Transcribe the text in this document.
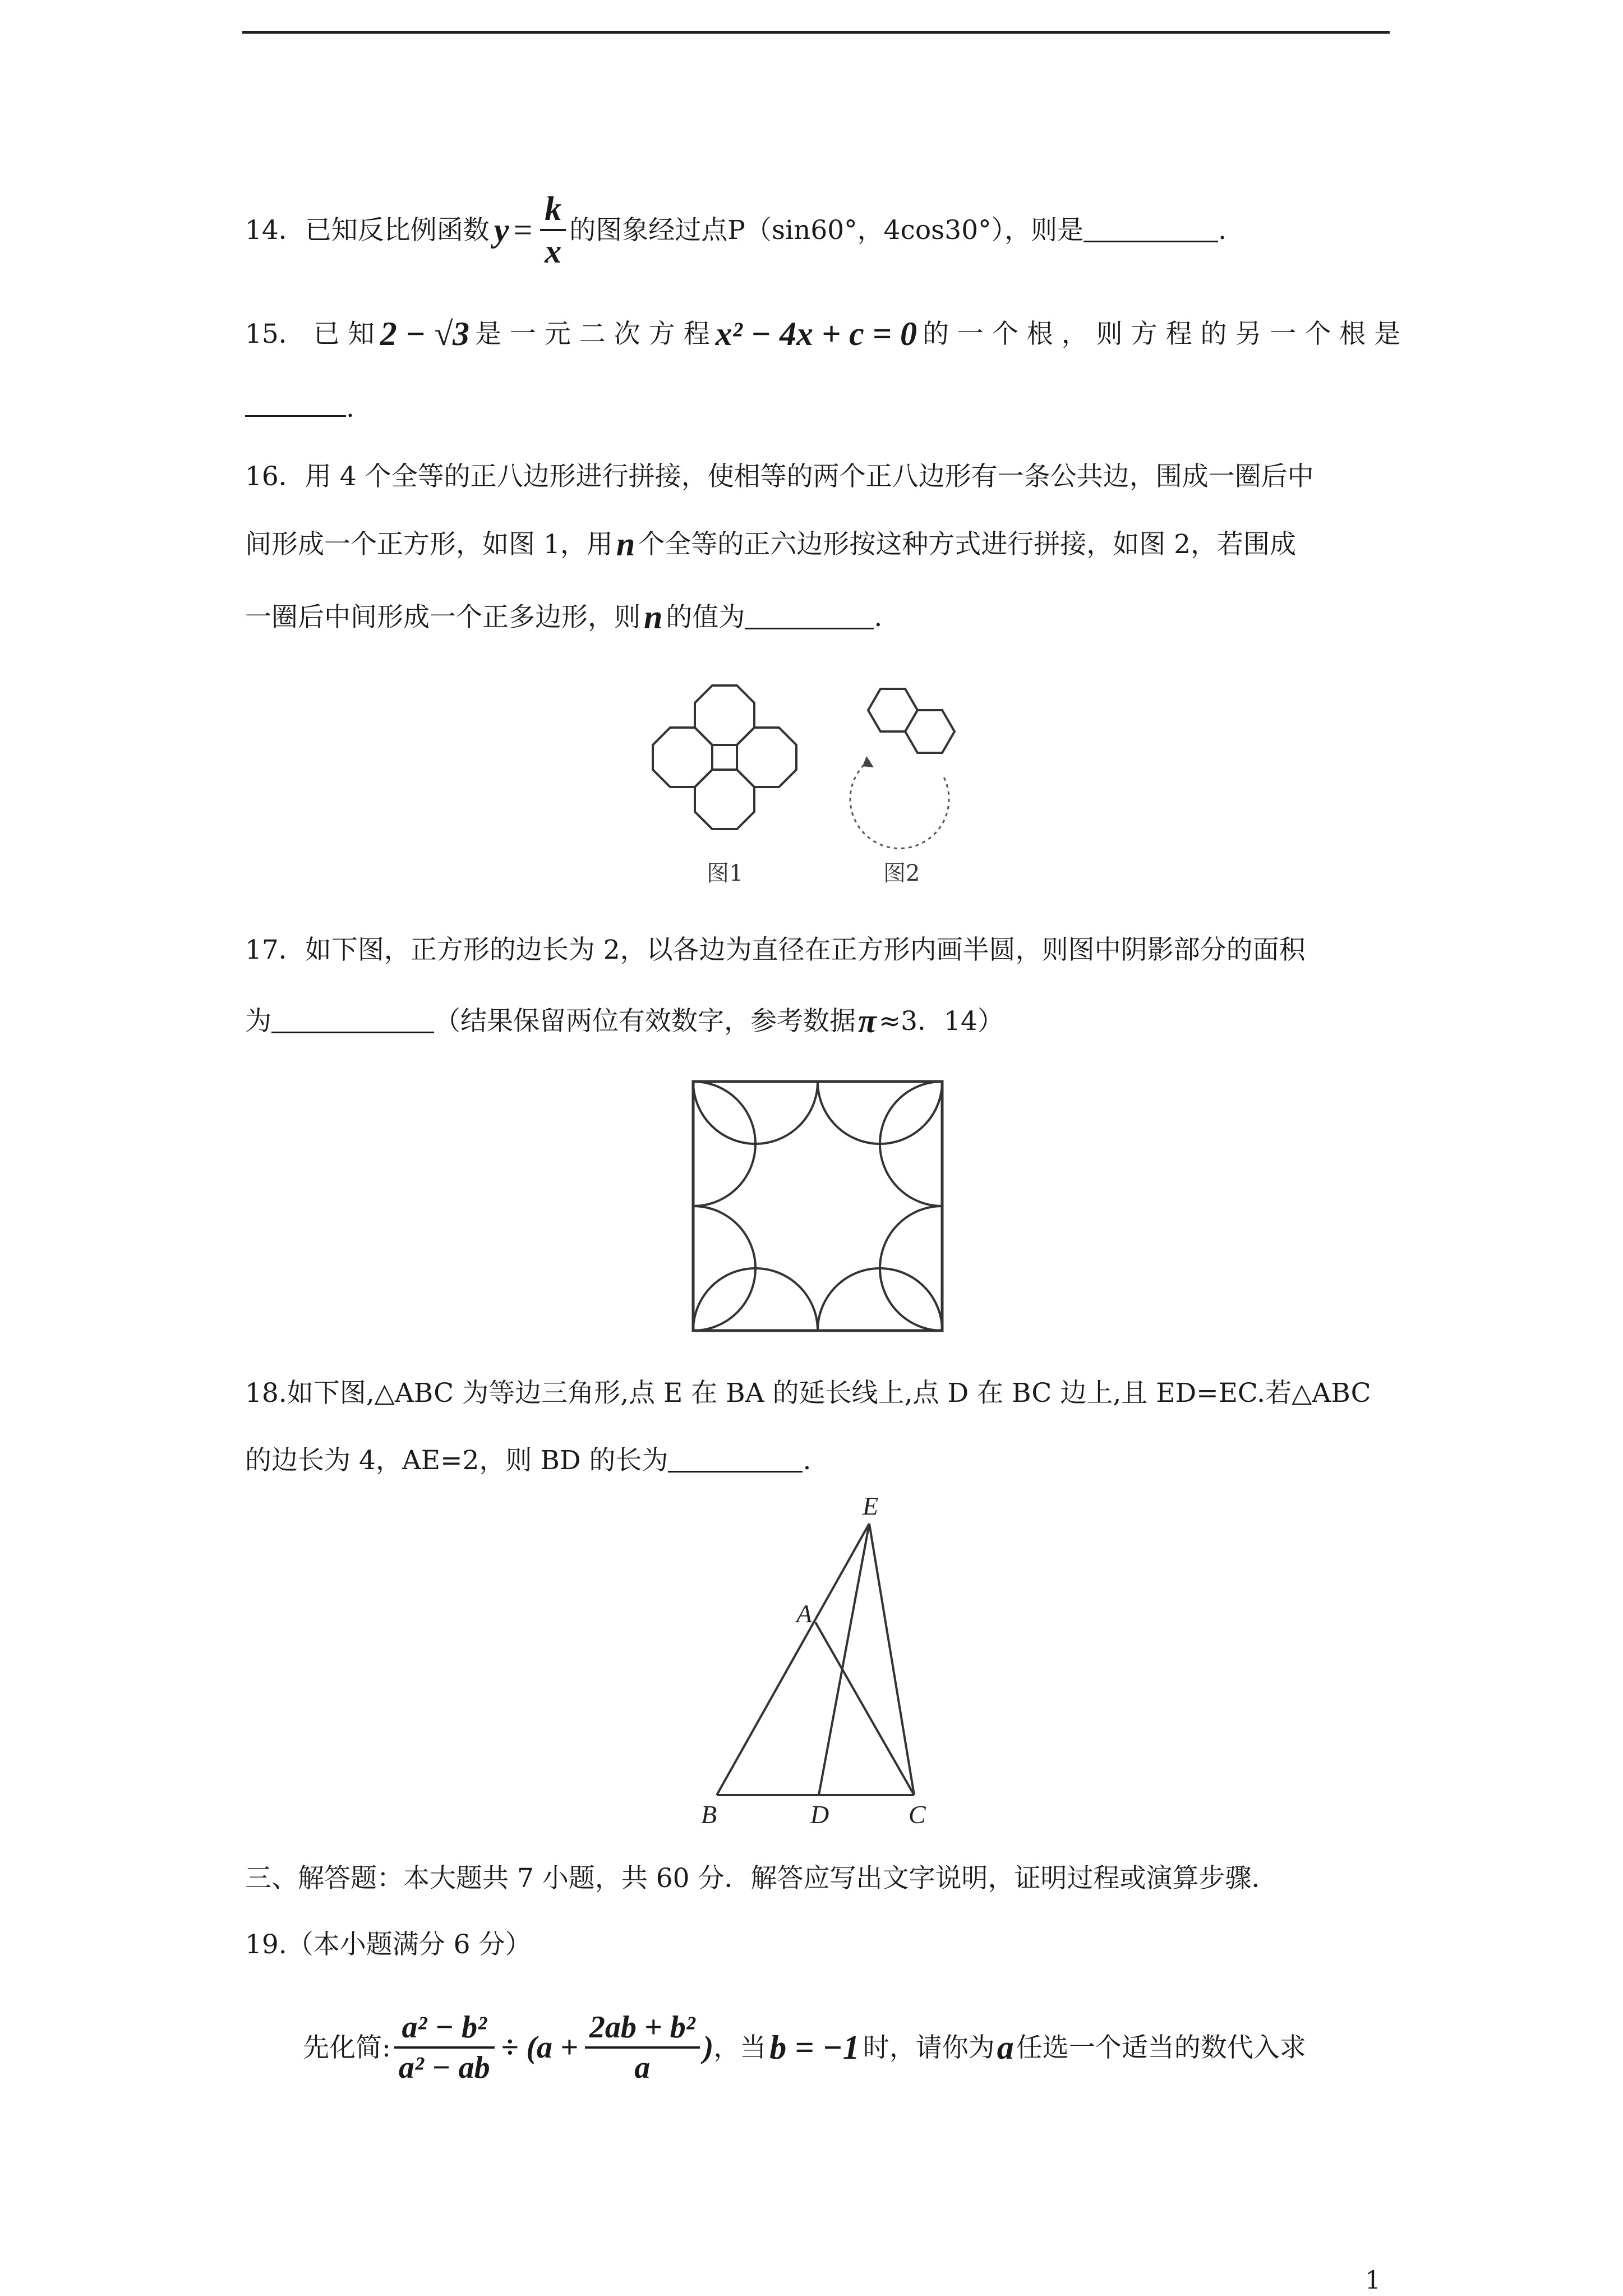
14．已知反比例函数 $y = \frac{k}{x}$ 的图象经过点P（sin60°，4cos30°），则是	.
15． 已 知 2 − √3 是 一 元 二 次 方 程 x² − 4x + c = 0 的 一 个 根 ， 则 方 程 的 另 一 个 根 是
.
16．用 4 个全等的正八边形进行拼接，使相等的两个正八边形有一条公共边，围成一圈后中
间形成一个正方形，如图 1，用 n 个全等的正六边形按这种方式进行拼接，如图 2，若围成
一圈后中间形成一个正多边形，则 n 的值为	.
图1	图2
17．如下图，正方形的边长为 2，以各边为直径在正方形内画半圆，则图中阴影部分的面积
为	（结果保留两位有效数字，参考数据 π ≈3．14）
18.如下图,△ABC 为等边三角形,点 E 在 BA 的延长线上,点 D 在 BC 边上,且 ED=EC.若△ABC
的边长为 4，AE=2，则 BD 的长为	.
E
A
B	D	C
三、解答题：本大题共 7 小题，共 60 分．解答应写出文字说明，证明过程或演算步骤．
19.（本小题满分 6 分）
先化简: $\frac{\text{a² − b²}}{\text{a² − ab}} \div (a + \frac{\text{2ab + b²}}{a}$ ) ，当 b = −1 时，请你为 a 任选一个适当的数代入求
1
